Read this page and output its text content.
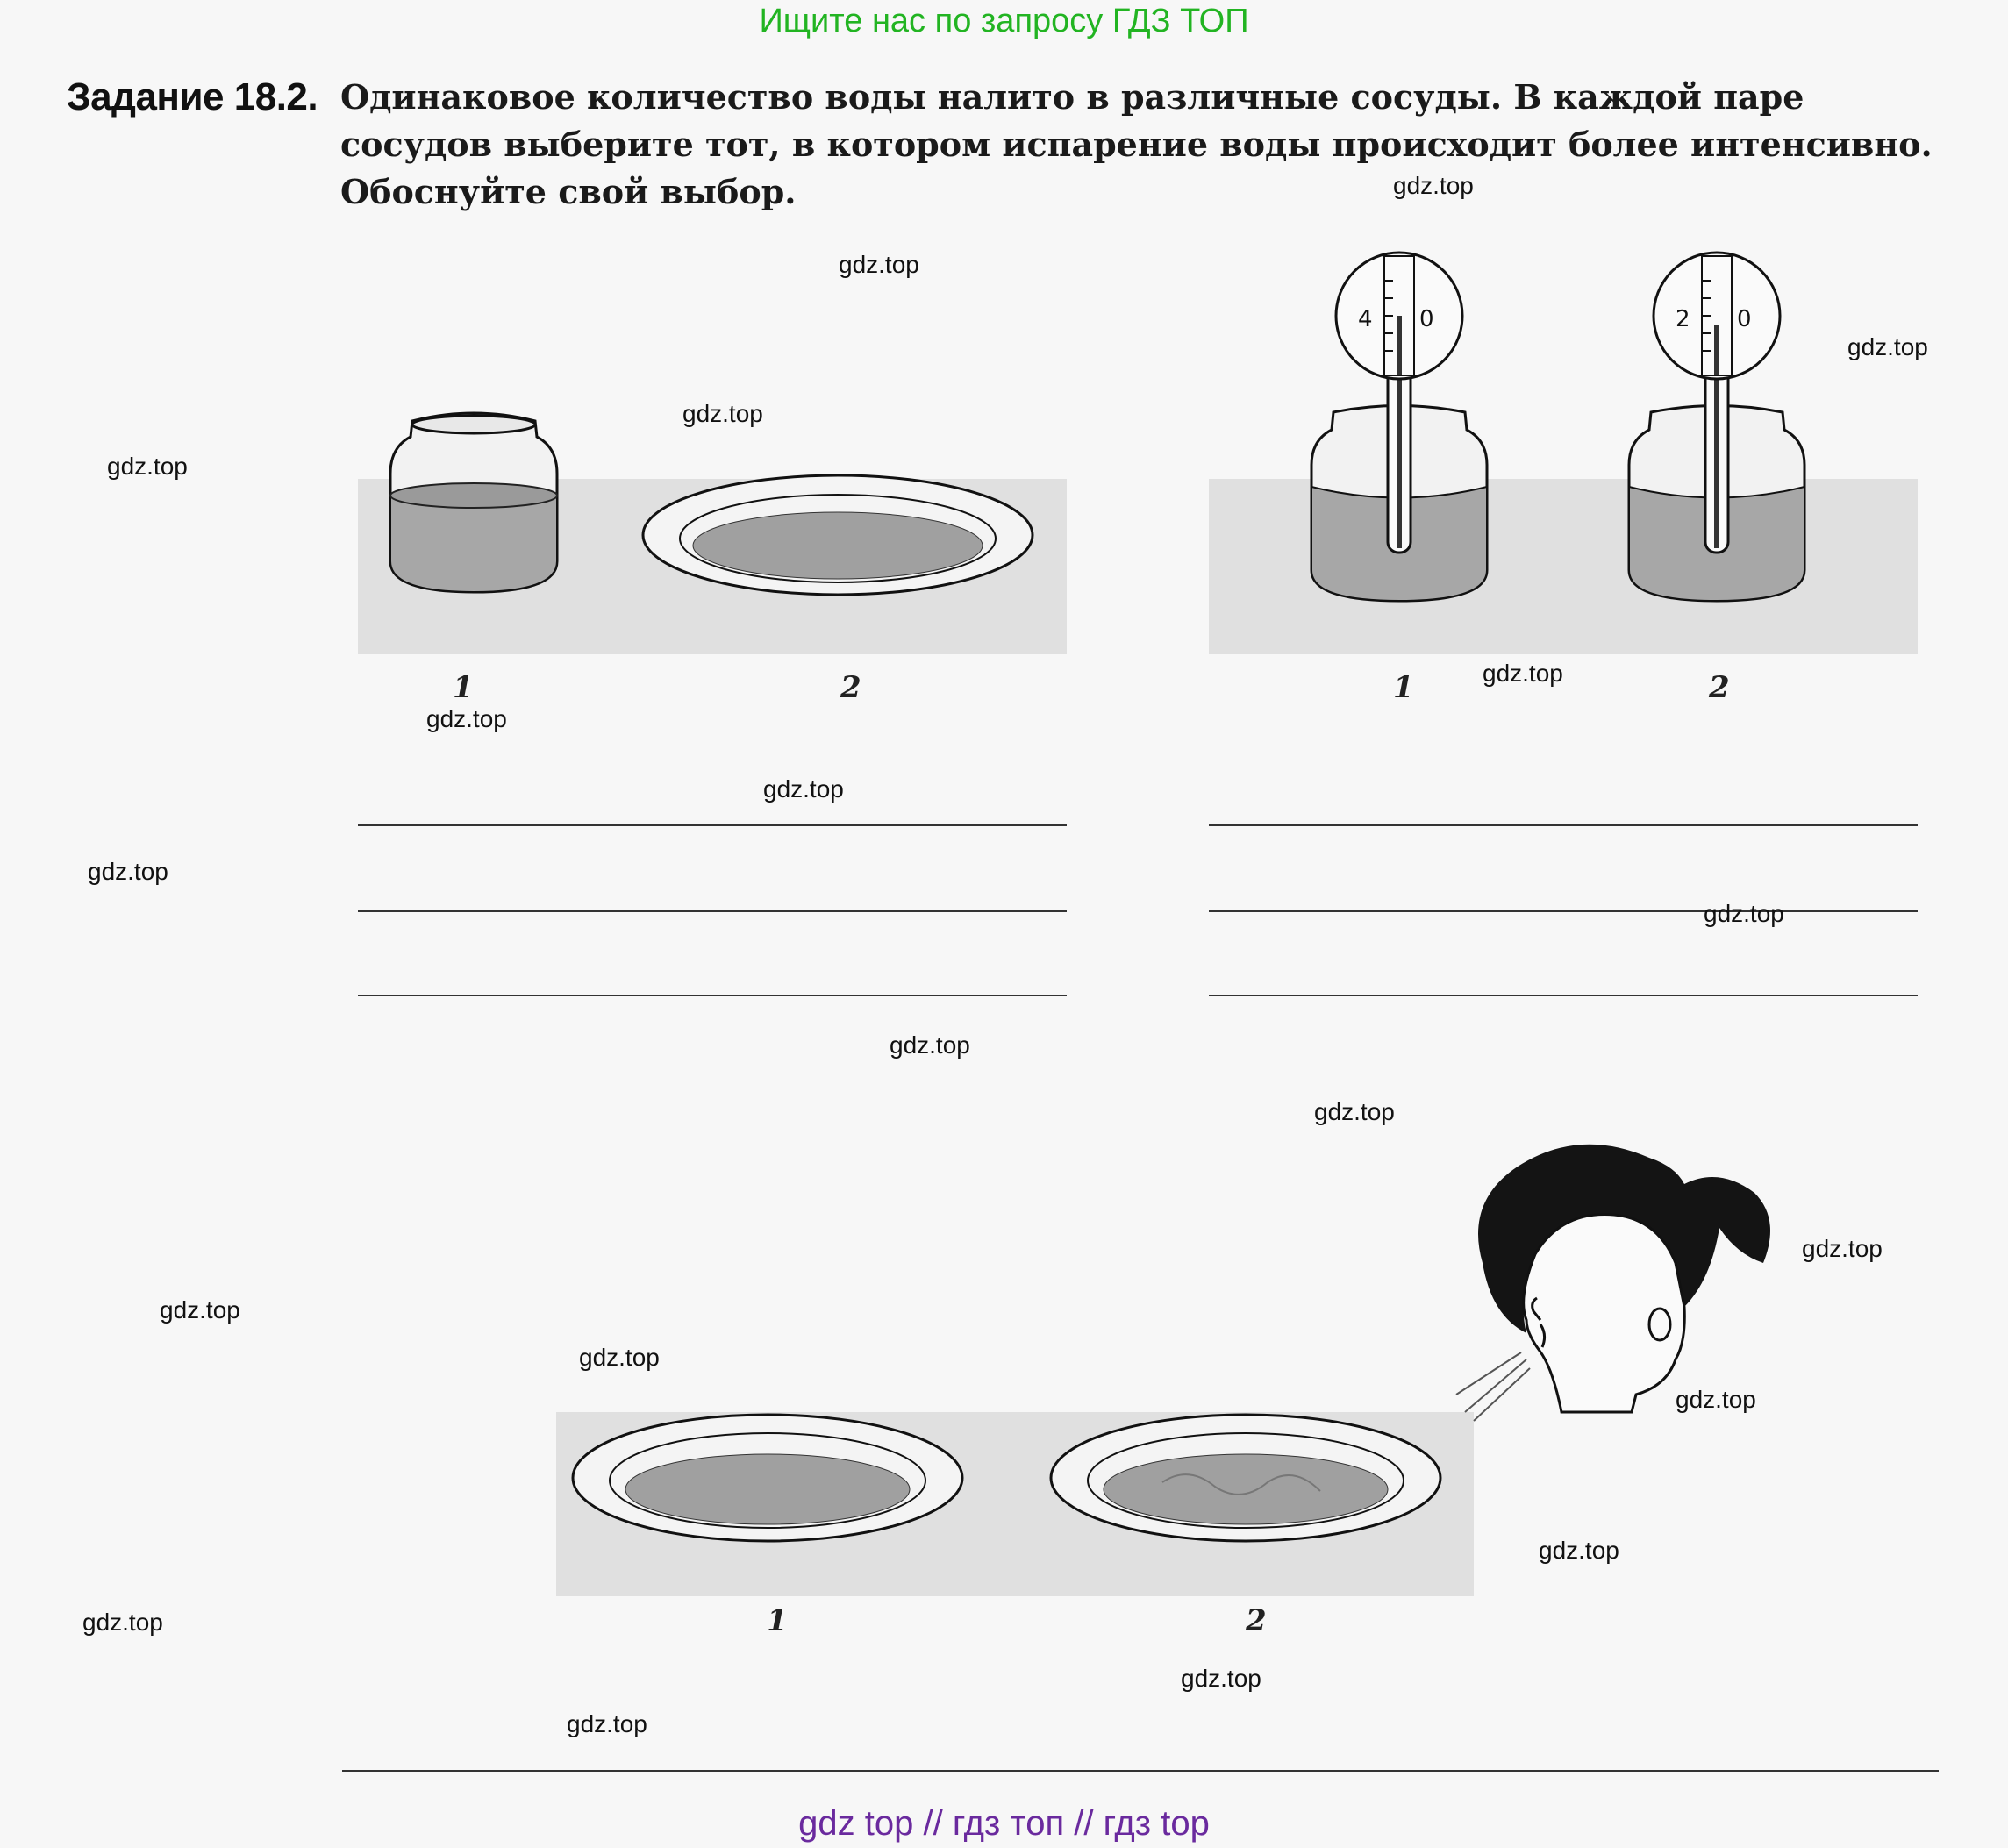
Ищите нас по запросу ГДЗ ТОП
Задание 18.2. Одинаковое количество воды налито в различные сосуды. В каждой паре сосудов выберите тот, в котором испарение воды происходит более интенсивно. Обоснуйте свой выбор.
1	2
4 0	2 0
1	2
1	2
gdz.top
gdz.top
gdz.top
gdz.top
gdz.top
gdz.top
gdz.top
gdz.top
gdz.top
gdz.top
gdz.top
gdz.top
gdz.top
gdz.top
gdz.top
gdz.top
gdz.top
gdz.top
gdz.top
gdz.top
gdz top // гдз топ // гдз top
